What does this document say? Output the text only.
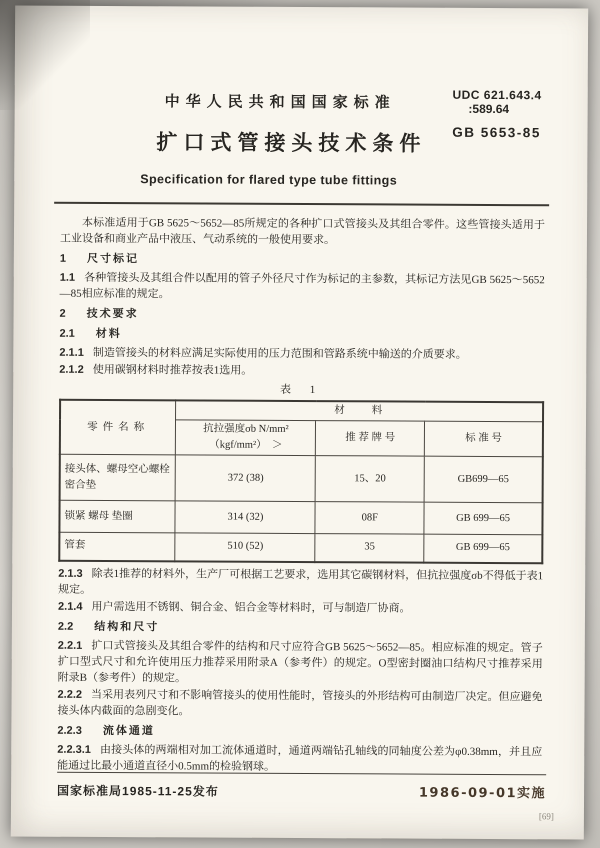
中华人民共和国国家标准	UDC 621.643.4
:589.64
GB 5653-85
扩口式管接头技术条件
Specification for flared type tube fittings

本标准适用于GB 5625～5652—85所规定的各种扩口式管接头及其组合零件。这些管接头适用于工业设备和商业产品中液压、气动系统的一般使用要求。

1 尺寸标记

1.1 各种管接头及其组合件以配用的管子外径尺寸作为标记的主参数，其标记方法见GB 5625～5652—85相应标准的规定。

2 技术要求

2.1 材料

2.1.1 制造管接头的材料应满足实际使用的压力范围和管路系统中输送的介质要求。

2.1.2 使用碳钢材料时推荐按表1选用。

表 1
零件名称	材　　料		
	抗拉强度σb N/mm²
（kgf/mm²）　＞	推 荐 牌 号	标 准 号
接头体、螺母空心螺栓
密合垫	372 (38)	15、20	GB699—65
锁紧 螺母 垫圈	314 (32)	08F	GB 699—65
管套	510 (52)	35	GB 699—65

2.1.3 除表1推荐的材料外，生产厂可根据工艺要求，选用其它碳钢材料，但抗拉强度σb不得低于表1规定。

2.1.4 用户需选用不锈钢、铜合金、铝合金等材料时，可与制造厂协商。

2.2 结构和尺寸

2.2.1 扩口式管接头及其组合零件的结构和尺寸应符合GB 5625～5652—85。相应标准的规定。管子扩口型式尺寸和允许使用压力推荐采用附录A（参考件）的规定。O型密封圈油口结构尺寸推荐采用附录B（参考件）的规定。

2.2.2 当采用表列尺寸和不影响管接头的使用性能时，管接头的外形结构可由制造厂决定。但应避免接头体内截面的急剧变化。

2.2.3 流体通道

2.2.3.1 由接头体的两端相对加工流体通道时，通道两端钻孔轴线的同轴度公差为φ0.38mm，并且应能通过比最小通道直径小0.5mm的检验钢球。

国家标准局1985-11-25发布	1986-09-01实施
[69]
